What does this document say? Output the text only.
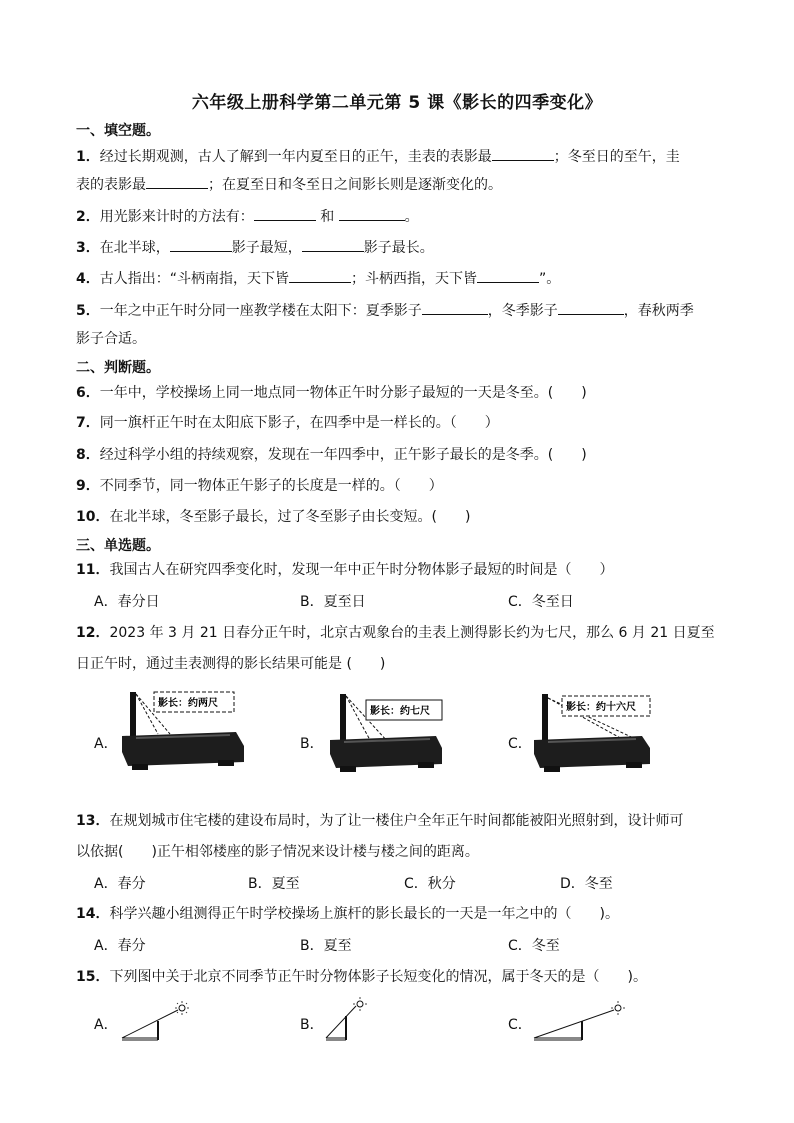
六年级上册科学第二单元第 5 课《影长的四季变化》
一、填空题。
1．经过长期观测，古人了解到一年内夏至日的正午，圭表的表影最	；冬至日的至午，圭
表的表影最	；在夏至日和冬至日之间影长则是逐渐变化的。
2．用光影来计时的方法有：	和	。
3．在北半球，	影子最短，	影子最长。
4．古人指出：“斗柄南指，天下皆	；斗柄西指，天下皆	”。
5．一年之中正午时分同一座教学楼在太阳下：夏季影子	，冬季影子	，春秋两季
影子合适。
二、判断题。
6．一年中，学校操场上同一地点同一物体正午时分影子最短的一天是冬至。(　　)
7．同一旗杆正午时在太阳底下影子，在四季中是一样长的。（　　）
8．经过科学小组的持续观察，发现在一年四季中，正午影子最长的是冬季。(　　)
9．不同季节，同一物体正午影子的长度是一样的。（　　）
10．在北半球，冬至影子最长，过了冬至影子由长变短。(　　)
三、单选题。
11．我国古人在研究四季变化时，发现一年中正午时分物体影子最短的时间是（　　）
A．春分日	B．夏至日	C．冬至日
12．2023 年 3 月 21 日春分正午时，北京古观象台的圭表上测得影长约为七尺，那么 6 月 21 日夏至
日正午时，通过圭表测得的影长结果可能是 (　　)
A．
影长：约两尺
B．
影长：约七尺
C．
影长：约十六尺
13．在规划城市住宅楼的建设布局时，为了让一楼住户全年正午时间都能被阳光照射到，设计师可
以依据(　　)正午相邻楼座的影子情况来设计楼与楼之间的距离。
A．春分	B．夏至	C．秋分	D．冬至
14．科学兴趣小组测得正午时学校操场上旗杆的影长最长的一天是一年之中的（　　)。
A．春分	B．夏至	C．冬至
15．下列图中关于北京不同季节正午时分物体影子长短变化的情况，属于冬天的是（　　)。
A．	B．	C．
